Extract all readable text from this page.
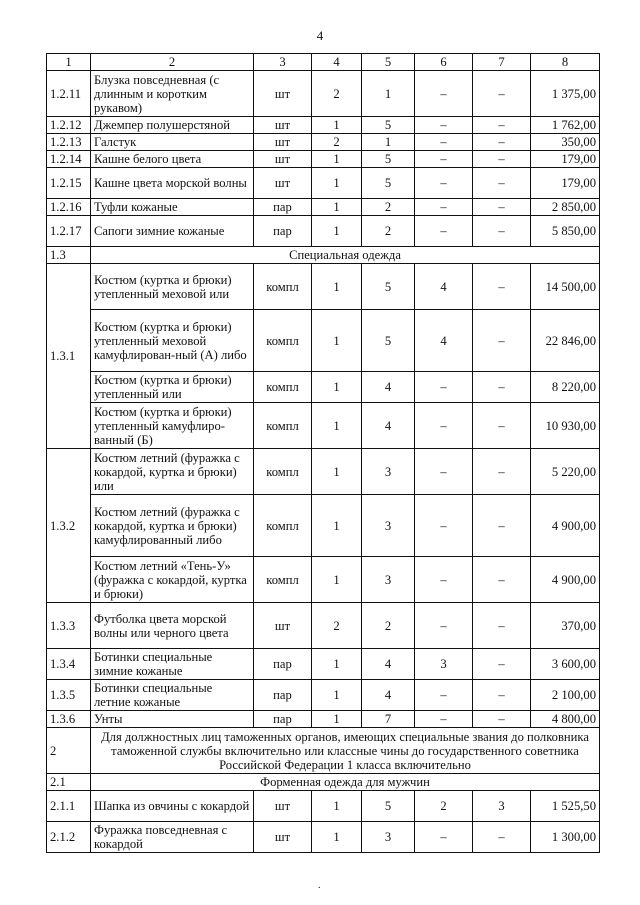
4
1	2	3	4	5	6	7	8
1.2.11	Блузка повседневная (с длинным и коротким рукавом)	шт	2	1	–	–	1 375,00
1.2.12	Джемпер полушерстяной	шт	1	5	–	–	1 762,00
1.2.13	Галстук	шт	2	1	–	–	350,00
1.2.14	Кашне белого цвета	шт	1	5	–	–	179,00
1.2.15	Кашне цвета морской волны	шт	1	5	–	–	179,00
1.2.16	Туфли кожаные	пар	1	2	–	–	2 850,00
1.2.17	Сапоги зимние кожаные	пар	1	2	–	–	5 850,00
1.3	Специальная одежда						
1.3.1	Костюм (куртка и брюки) утепленный меховой или	компл	1	5	4	–	14 500,00
	Костюм (куртка и брюки) утепленный меховой камуфлирован-ный (А) либо	компл	1	5	4	–	22 846,00
	Костюм (куртка и брюки) утепленный или	компл	1	4	–	–	8 220,00
	Костюм (куртка и брюки) утепленный камуфлиро-ванный (Б)	компл	1	4	–	–	10 930,00
1.3.2	Костюм летний (фуражка с кокардой, куртка и брюки) или	компл	1	3	–	–	5 220,00
	Костюм летний (фуражка с кокардой, куртка и брюки) камуфлированный либо	компл	1	3	–	–	4 900,00
	Костюм летний «Тень-У» (фуражка с кокардой, куртка и брюки)	компл	1	3	–	–	4 900,00
1.3.3	Футболка цвета морской волны или черного цвета	шт	2	2	–	–	370,00
1.3.4	Ботинки специальные зимние кожаные	пар	1	4	3	–	3 600,00
1.3.5	Ботинки специальные летние кожаные	пар	1	4	–	–	2 100,00
1.3.6	Унты	пар	1	7	–	–	4 800,00
2	Для должностных лиц таможенных органов, имеющих специальные звания до полковника таможенной службы включительно или классные чины до государственного советника Российской Федерации 1 класса включительно						
2.1	Форменная одежда для мужчин						
2.1.1	Шапка из овчины с кокардой	шт	1	5	2	3	1 525,50
2.1.2	Фуражка повседневная с кокардой	шт	1	3	–	–	1 300,00
.
